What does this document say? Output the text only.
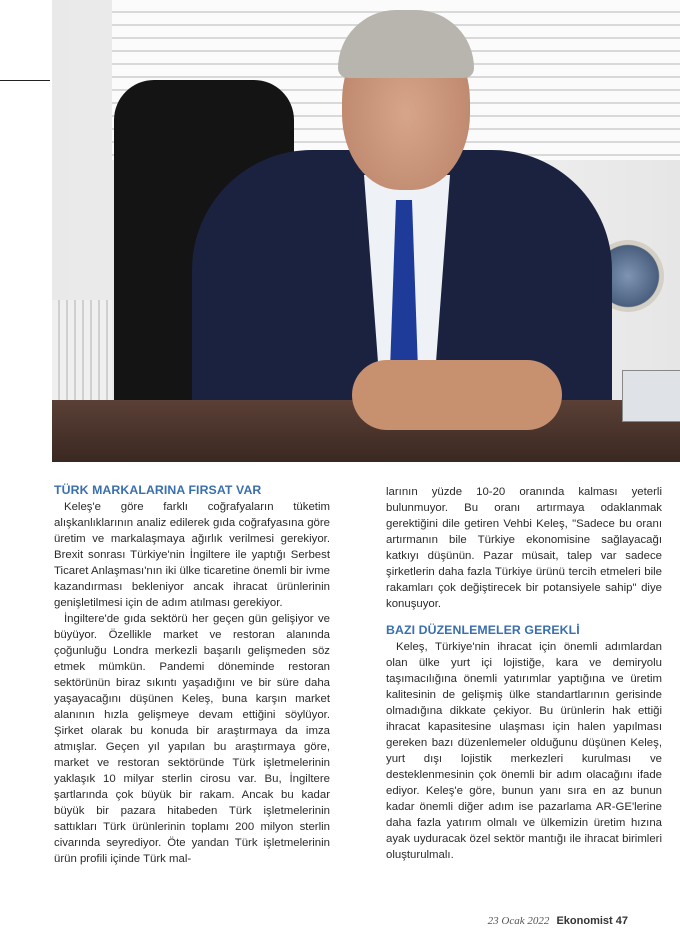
TÜRK MARKALARINA FIRSAT VAR

Keleş'e göre farklı coğrafyaların tüketim alışkanlıklarının analiz edilerek gıda coğrafyasına göre üretim ve markalaşmaya ağırlık verilmesi gerekiyor. Brexit sonrası Türkiye'nin İngiltere ile yaptığı Serbest Ticaret Anlaşması'nın iki ülke ticaretine önemli bir ivme kazandırması bekleniyor ancak ihracat ürünlerinin genişletilmesi için de adım atılması gerekiyor.

İngiltere'de gıda sektörü her geçen gün gelişiyor ve büyüyor. Özellikle market ve restoran alanında çoğunluğu Londra merkezli başarılı gelişmeden söz etmek mümkün. Pandemi döneminde restoran sektörünün biraz sıkıntı yaşadığını ve bir süre daha yaşayacağını düşünen Keleş, buna karşın market alanının hızla gelişmeye devam ettiğini söylüyor. Şirket olarak bu konuda bir araştırmaya da imza atmışlar. Geçen yıl yapılan bu araştırmaya göre, market ve restoran sektöründe Türk işletmelerinin yaklaşık 10 milyar sterlin cirosu var. Bu, İngiltere şartlarında çok büyük bir rakam. Ancak bu kadar büyük bir pazara hitabeden Türk işletmelerinin sattıkları Türk ürünlerinin toplamı 200 milyon sterlin civarında seyrediyor. Öte yandan Türk işletmelerinin ürün profili içinde Türk mal-

larının yüzde 10-20 oranında kalması yeterli bulunmuyor. Bu oranı artırmaya odaklanmak gerektiğini dile getiren Vehbi Keleş, "Sadece bu oranı artırmanın bile Türkiye ekonomisine sağlayacağı katkıyı düşünün. Pazar müsait, talep var sadece şirketlerin daha fazla Türkiye ürünü tercih etmeleri bile rakamları çok değiştirecek bir potansiyele sahip" diye konuşuyor.

BAZI DÜZENLEMELER GEREKLİ

Keleş, Türkiye'nin ihracat için önemli adımlardan olan ülke yurt içi lojistiğe, kara ve demiryolu taşımacılığına önemli yatırımlar yaptığına ve üretim kalitesinin de gelişmiş ülke standartlarının gerisinde olmadığına dikkate çekiyor. Bu ürünlerin hak ettiği ihracat kapasitesine ulaşması için halen yapılması gereken bazı düzenlemeler olduğunu düşünen Keleş, yurt dışı lojistik merkezleri kurulması ve desteklenmesinin çok önemli bir adım olacağını ifade ediyor. Keleş'e göre, bunun yanı sıra en az bunun kadar önemli diğer adım ise pazarlama AR-GE'lerine daha fazla yatırım olmalı ve ülkemizin üretim hızına ayak uyduracak özel sektör mantığı ile ihracat birimleri oluşturulmalı.

23 Ocak 2022 Ekonomist 47
